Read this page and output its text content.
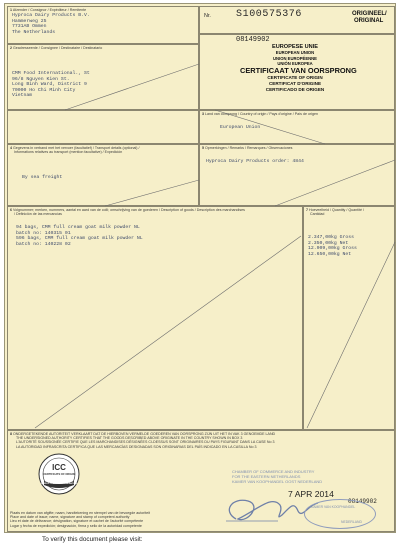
1 Afzender / Consignor / Expéditeur / Remitente
Hyproca Dairy Products B.V.
Hammerweg 25
7731AB Ommen
The Netherlands
2 Geadresseerde / Consignee / Destinataire / Destinatario
CMM Food International., St
96/8 Nguyen Kien St.
Long Binh Ward, District 9
70000 Ho Chi Minh City
Vietnam
Nr.	S100575376	ORIGINEEL/
ORIGINAL
08149902
EUROPESE UNIE
EUROPEAN UNION
UNION EUROPÉENNE
UNIÓN EUROPEA
CERTIFICAAT VAN OORSPRONG
CERTIFICATE OF ORIGIN
CERTIFICAT D'ORIGINE
CERTIFICADO DE ORIGEN
3 Land van oorsprong / Country of origin / Pays d'origine / País de origen
European Union
4 Gegevens in verband met het vervoer (facultatief) / Transport details (optional) /
Informations relatives au transport (mention facultative) / Expedición
By sea freight
5 Opmerkingen / Remarks / Remarques / Observaciones
Hyproca Dairy Products order: 4844
6 Volgnummer; merken, nummers, aantal en aard van de colli; omschrijving van de goederen / Description of goods / Description des marchandises
/ Definición de las mercancías
94 bags, CMM full cream goat milk powder NL
batch no: 140315 01
596 bags, CMM full cream goat milk powder NL
batch no: 140228 02
7 Hoeveelheid / Quantity / Quantité /
Cantidad
2.347,00kg Gross
2.350,00kg Net
12.909,00kg Gross
12.650,00kg Net
8 ONDERGETEKENDE AUTORITEIT VERKLAART DAT DE HIERBOVEN VERMELDE GOEDEREN VAN OORSPRONG ZIJN UIT HET IN VAK 3 GENOEMDE LAND
THE UNDERSIGNED AUTHORITY CERTIFIES THAT THE GOODS DESCRIBED ABOVE ORIGINATE IN THE COUNTRY SHOWN IN BOX 3
L'AUTORITÉ SOUSSIGNÉE CERTIFIE QUE LES MARCHANDISES DÉSIGNÉES CI-DESSUS SONT ORIGINAIRES DU PAYS FIGURANT DANS LA CASE No 3
LA AUTORIDAD INFRASCRITA CERTIFICA QUE LAS MERCANCÍAS DESIGNADAS SON ORIGINARIAS DEL PAÍS INDICADO EN LA CASILLA No 3
ICC
CERTIFICATE OF ORIGIN
WORLD CHAMBERS FEDERATION
CHAMBER OF COMMERCE AND INDUSTRY
FOR THE EASTERN NETHERLANDS
KAMER VAN KOOPHANDEL OOST NEDERLAND
7 APR 2014
08149902
KAMER VAN KOOPHANDEL
NEDERLAND
Plaats en datum van afgifte; naam, handtekening en stempel van de bevoegde autoriteit
Place and date of issue; name, signature and stamp of competent authority
Lieu et date de délivrance; désignation, signature et cachet de l'autorité compétente
Lugar y fecha de expedición; designación, firma y sello de la autoridad competente
To verify this document please visit:
